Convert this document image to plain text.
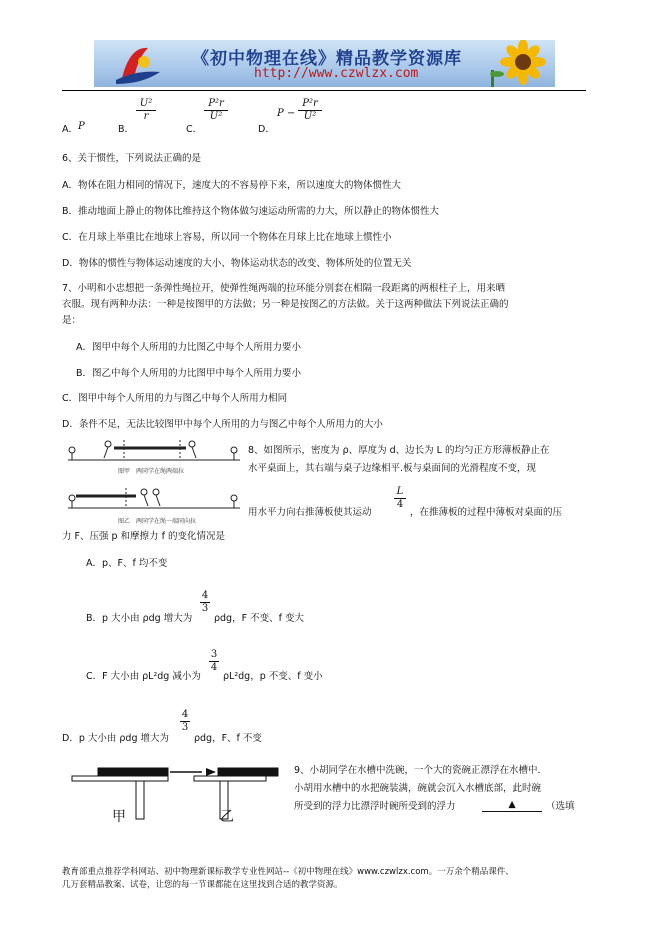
《初中物理在线》精品教学资源库
http://www.czwlzx.com
A． P	B．
U²
r
C．
P²r
U²
D．
P −
P²r
U²
6、关于惯性，下列说法正确的是
A．物体在阻力相同的情况下，速度大的不容易停下来，所以速度大的物体惯性大
B．推动地面上静止的物体比维持这个物体做匀速运动所需的力大，所以静止的物体惯性大
C．在月球上举重比在地球上容易，所以同一个物体在月球上比在地球上惯性小
D．物体的惯性与物体运动速度的大小、物体运动状态的改变、物体所处的位置无关
7、小明和小忠想把一条弹性绳拉开，使弹性绳两端的拉环能分别套在相隔一段距离的两根柱子上，用来晒
衣服。现有两种办法：一种是按图甲的方法做；另一种是按图乙的方法做。关于这两种做法下列说法正确的
是：
A．图甲中每个人所用的力比图乙中每个人所用力要小
B．图乙中每个人所用的力比图甲中每个人所用力要小
C．图甲中每个人所用的力与图乙中每个人所用力相同
D．条件不足，无法比较图甲中每个人所用的力与图乙中每个人所用力的大小
图甲　两同学在绳两端拉
图乙　两同学在绳一端同向拉
8、如图所示，密度为 ρ、厚度为 d、边长为 L 的均匀正方形薄板静止在
水平桌面上，其右端与桌子边缘相平.板与桌面间的光滑程度不变，现
用水平力向右推薄板使其运动
L
4
，在推薄板的过程中薄板对桌面的压
力 F、压强 p 和摩擦力 f 的变化情况是
A．p、F、f 均不变
B．p 大小由 ρdg 增大为
4
3
ρdg，F 不变、f 变大
C．F 大小由 ρL²dg 减小为
3
4
ρL²dg，p 不变、f 变小
D．p 大小由 ρdg 增大为
4
3
ρdg，F、f 不变
甲	乙
9、小胡同学在水槽中洗碗，一个大的瓷碗正漂浮在水槽中．
小胡用水槽中的水把碗装满，碗就会沉入水槽底部，此时碗
所受到的浮力比漂浮时碗所受到的浮力	▲	（选填
教育部重点推荐学科网站、初中物理新课标教学专业性网站--《初中物理在线》www.czwlzx.com。一万余个精品课件、
几万套精品教案、试卷，让您的每一节课都能在这里找到合适的教学资源。
